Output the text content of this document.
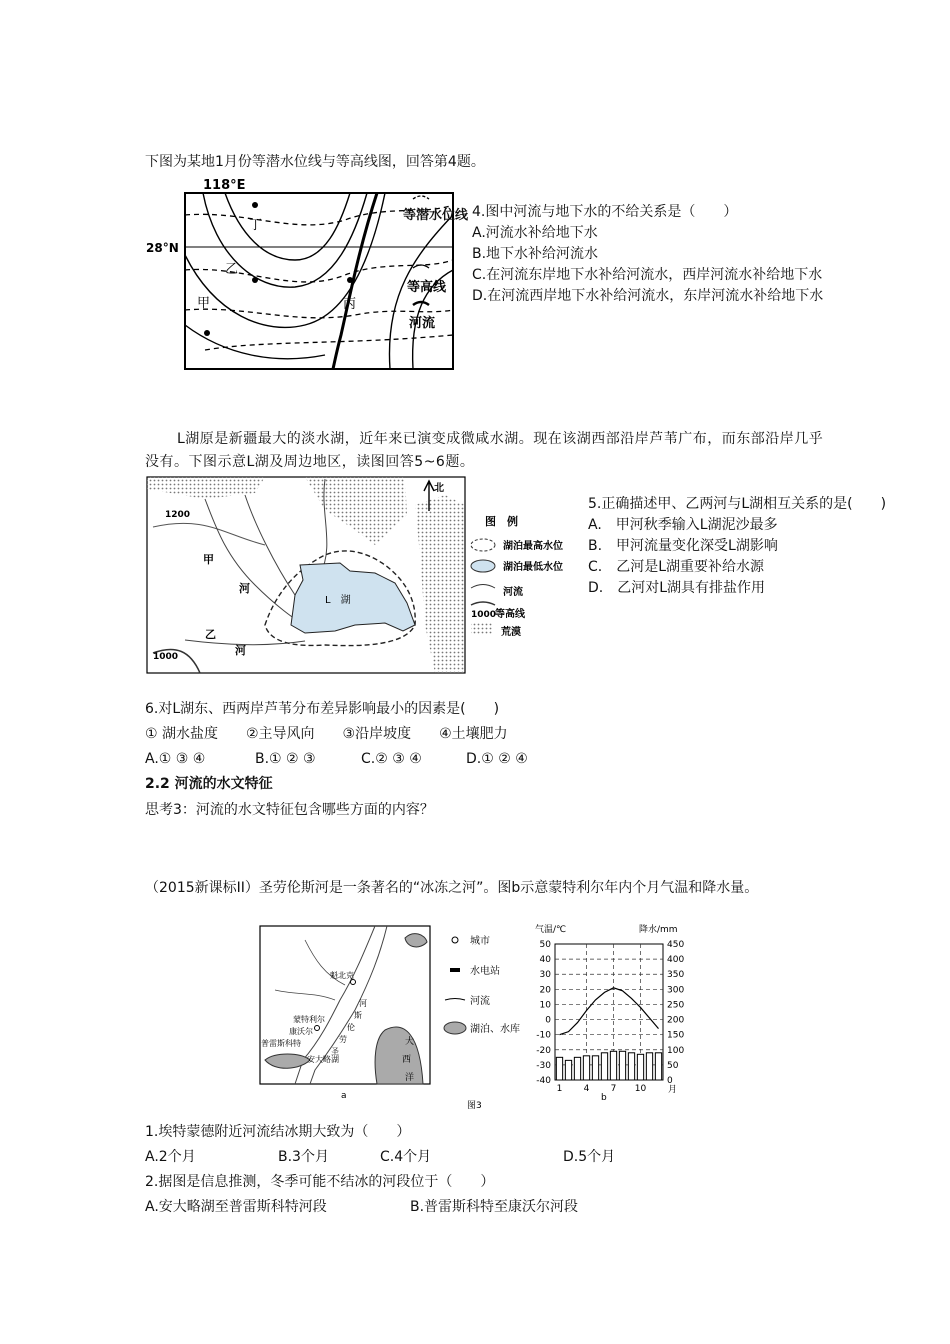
下图为某地1月份等潜水位线与等高线图，回答第4题。
118°E
28°N
丁
乙
甲	丙
等潜水位线
等高线
河流
4.图中河流与地下水的不给关系是（　　）
A.河流水补给地下水
B.地下水补给河流水
C.在河流东岸地下水补给河流水，西岸河流水补给地下水
D.在河流西岸地下水补给河流水，东岸河流水补给地下水
L湖原是新疆最大的淡水湖，近年来已演变成微咸水湖。现在该湖西部沿岸芦苇广布，而东部沿岸几乎没有。下图示意L湖及周边地区，读图回答5~6题。
1200
1000
L　湖
甲
河
乙
河
北
图　例
湖泊最高水位
湖泊最低水位
河流
1000
等高线
荒漠
5.正确描述甲、乙两河与L湖相互关系的是(　　)
A.　甲河秋季输入L湖泥沙最多
B.　甲河流量变化深受L湖影响
C.　乙河是L湖重要补给水源
D.　乙河对L湖具有排盐作用
6.对L湖东、西两岸芦苇分布差异影响最小的因素是(　　)
① 湖水盐度　　②主导风向　　③沿岸坡度　　④土壤肥力
A.① ③ ④	B.① ② ③	C.② ③ ④	D.① ② ④
2.2 河流的水文特征
思考3：河流的水文特征包含哪些方面的内容？
（2015新课标II）圣劳伦斯河是一条著名的“冰冻之河”。图b示意蒙特利尔年内个月气温和降水量。
魁北克
蒙特利尔
康沃尔
普雷斯科特
安大略湖
河
斯
伦
劳
圣
大
西
洋
a
城市
水电站
河流
湖泊、水库
图3
气温/℃	降水/mm
月
b
50
40
30
20
10
0
-10
-20
-30
-40
450
400
350
300
250
200
150
100
50
0
1 4 7 10
1.埃特蒙德附近河流结冰期大致为（　　）
A.2个月	B.3个月	C.4个月	D.5个月
2.据图是信息推测，冬季可能不结冰的河段位于（　　）
A.安大略湖至普雷斯科特河段	B.普雷斯科特至康沃尔河段
